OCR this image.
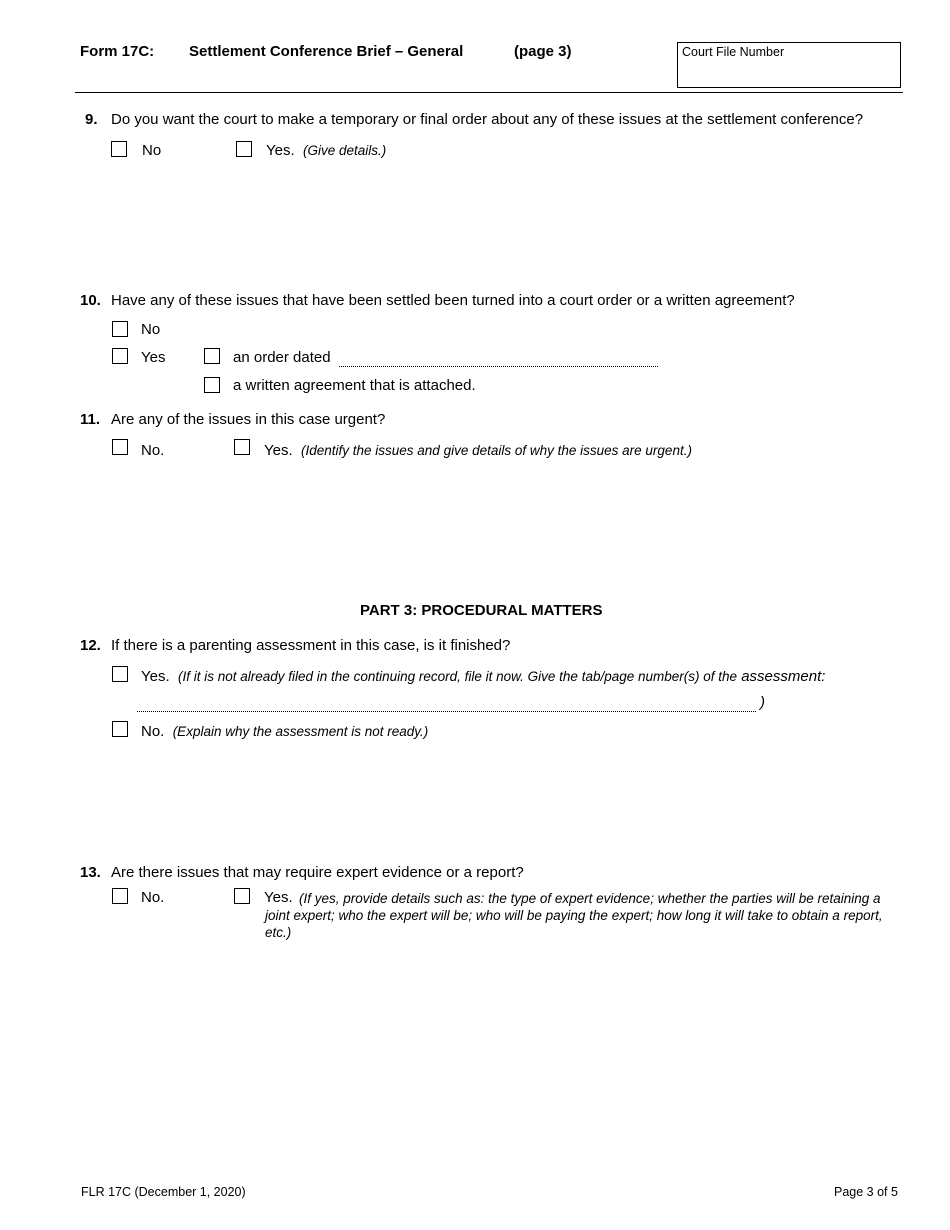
Form 17C: Settlement Conference Brief – General	(page 3)	Court File Number
9. Do you want the court to make a temporary or final order about any of these issues at the settlement conference?
No	Yes. (Give details.)
10. Have any of these issues that have been settled been turned into a court order or a written agreement?
No
Yes	an order dated
a written agreement that is attached.
11. Are any of the issues in this case urgent?
No.	Yes. (Identify the issues and give details of why the issues are urgent.)
PART 3: PROCEDURAL MATTERS
12. If there is a parenting assessment in this case, is it finished?
Yes. (If it is not already filed in the continuing record, file it now. Give the tab/page number(s) of the assessment:
)
No. (Explain why the assessment is not ready.)
13. Are there issues that may require expert evidence or a report?
No.	Yes. (If yes, provide details such as: the type of expert evidence; whether the parties will be retaining a joint expert; who the expert will be; who will be paying the expert; how long it will take to obtain a report, etc.)
FLR 17C (December 1, 2020)	Page 3 of 5
